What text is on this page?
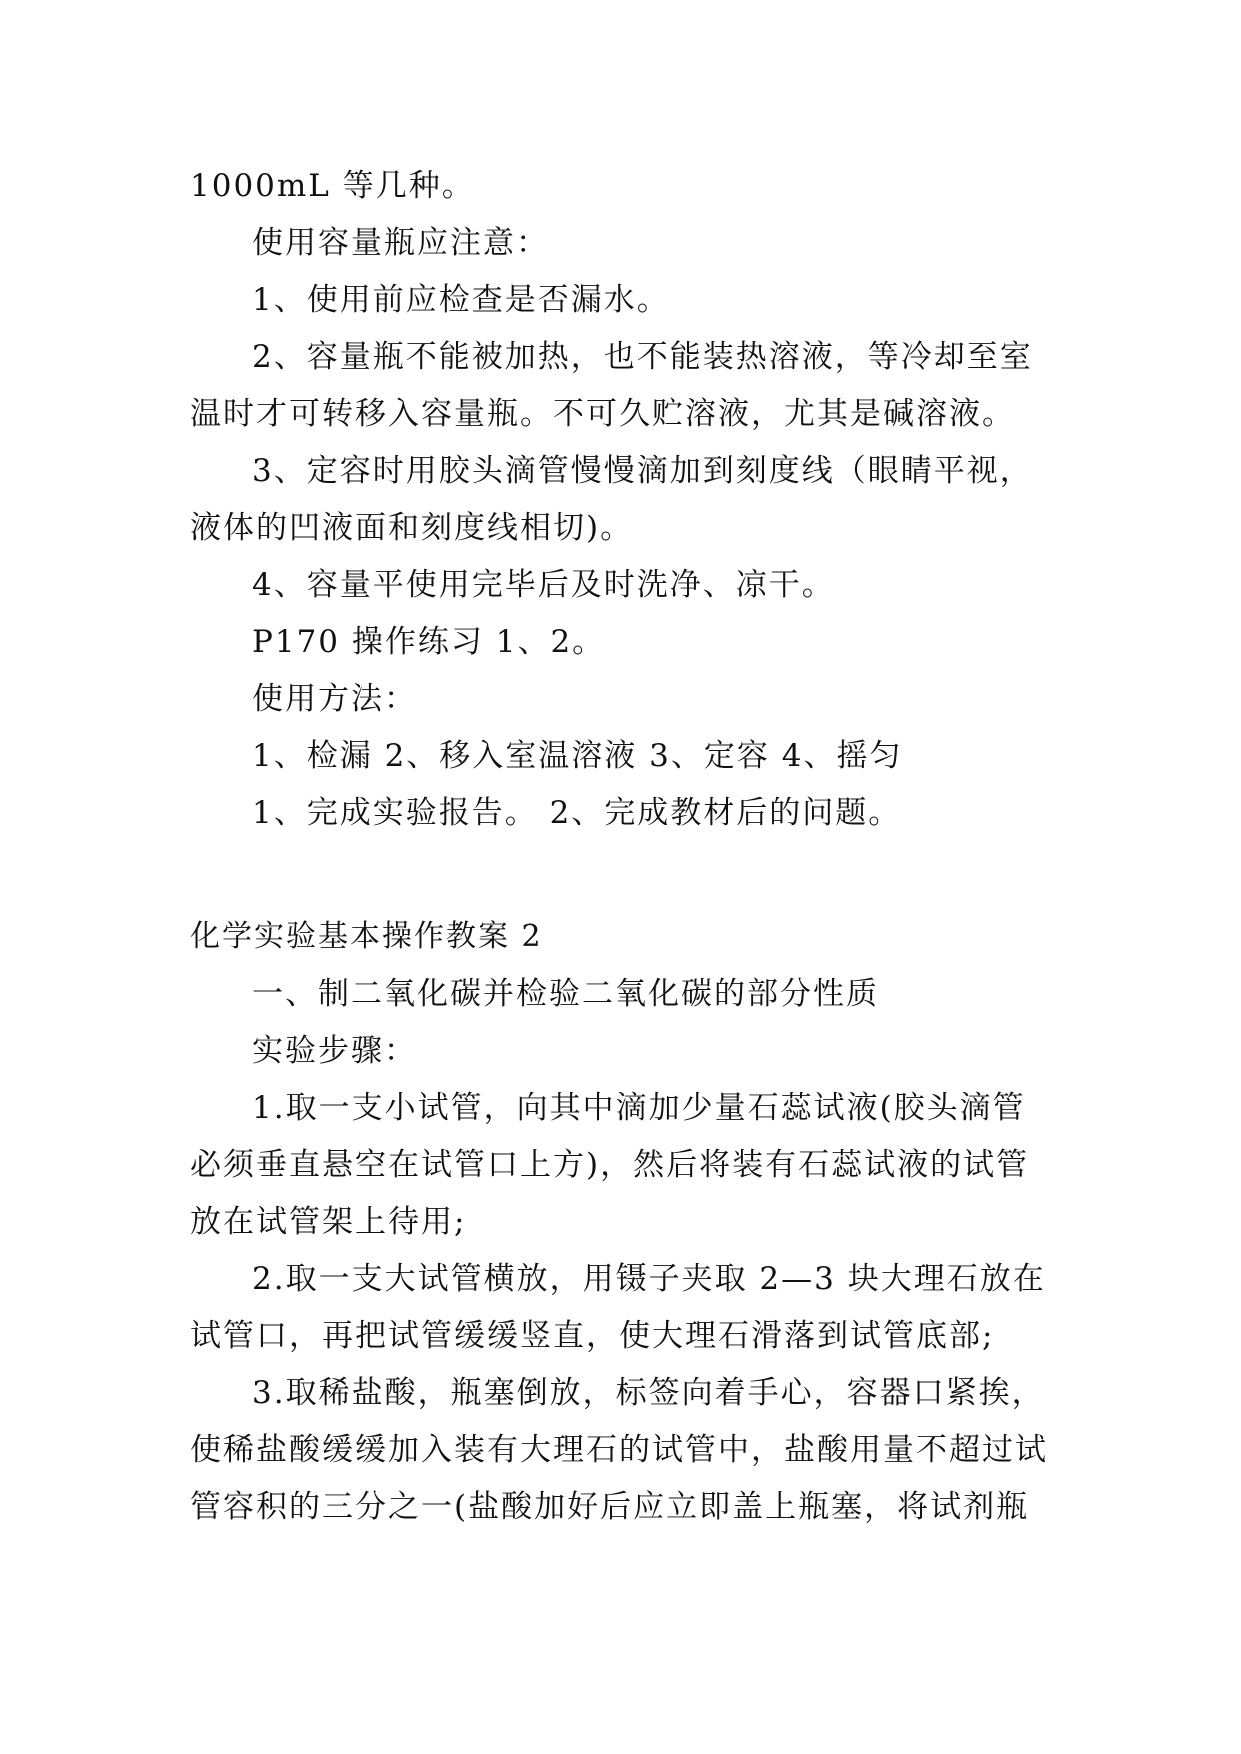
1000mL 等几种。
使用容量瓶应注意：
1、使用前应检查是否漏水。
2、容量瓶不能被加热，也不能装热溶液，等冷却至室
温时才可转移入容量瓶。不可久贮溶液，尤其是碱溶液。
3、定容时用胶头滴管慢慢滴加到刻度线（眼睛平视，
液体的凹液面和刻度线相切)。
4、容量平使用完毕后及时洗净、凉干。
P170 操作练习 1、2。
使用方法：
1、检漏 2、移入室温溶液 3、定容 4、摇匀
1、完成实验报告。 2、完成教材后的问题。
化学实验基本操作教案 2
一、制二氧化碳并检验二氧化碳的部分性质
实验步骤：
1.取一支小试管，向其中滴加少量石蕊试液(胶头滴管
必须垂直悬空在试管口上方)，然后将装有石蕊试液的试管
放在试管架上待用;
2.取一支大试管横放，用镊子夹取 2—3 块大理石放在
试管口，再把试管缓缓竖直，使大理石滑落到试管底部;
3.取稀盐酸，瓶塞倒放，标签向着手心，容器口紧挨，
使稀盐酸缓缓加入装有大理石的试管中，盐酸用量不超过试
管容积的三分之一(盐酸加好后应立即盖上瓶塞，将试剂瓶
